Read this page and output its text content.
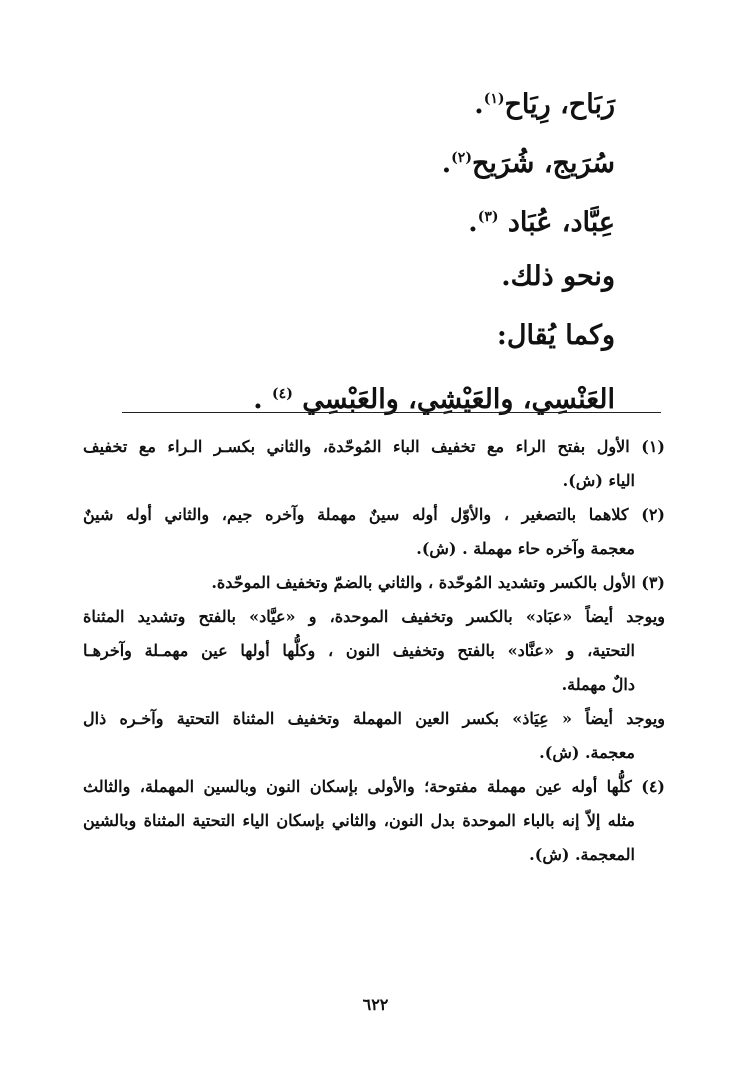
رَبَاح، رِيَاح$^{(١)}$.
سُرَيج، شُرَيح$^{(٢)}$.
عِبَّاد، عُبَاد $^{(٣)}$.
ونحو ذلك.
وكما يُقال:
العَنْسِي، والعَيْشِي، والعَبْسِي $^{(٤)}$ .
(١) الأول بفتح الراء مع تخفيف الباء المُوحّدة، والثاني بكسـر الـراء مع تخفيف
الياء (ش).
(٢) كلاهما بالتصغير ، والأوّل أوله سينٌ مهملة وآخره جيم، والثاني أوله شينٌ
معجمة وآخره حاء مهملة . (ش).
(٣) الأول بالكسر وتشديد المُوحّدة ، والثاني بالضمّ وتخفيف الموحّدة.
ويوجد أيضاً «عبَاد» بالكسر وتخفيف الموحدة، و «عيَّاد» بالفتح وتشديد المثناة
التحتية، و «عنَّاد» بالفتح وتخفيف النون ، وكلُّها أولها عين مهمـلة وآخرهـا
دالٌ مهملة.
ويوجد أيضاً « عِيَاذ» بكسر العين المهملة وتخفيف المثناة التحتية وآخـره ذال
معجمة. (ش).
(٤) كلُّها أوله عين مهملة مفتوحة؛ والأولى بإسكان النون وبالسين المهملة، والثالث
مثله إلاّ إنه بالباء الموحدة بدل النون، والثاني بإسكان الياء التحتية المثناة وبالشين
المعجمة. (ش).
٦٢٢
